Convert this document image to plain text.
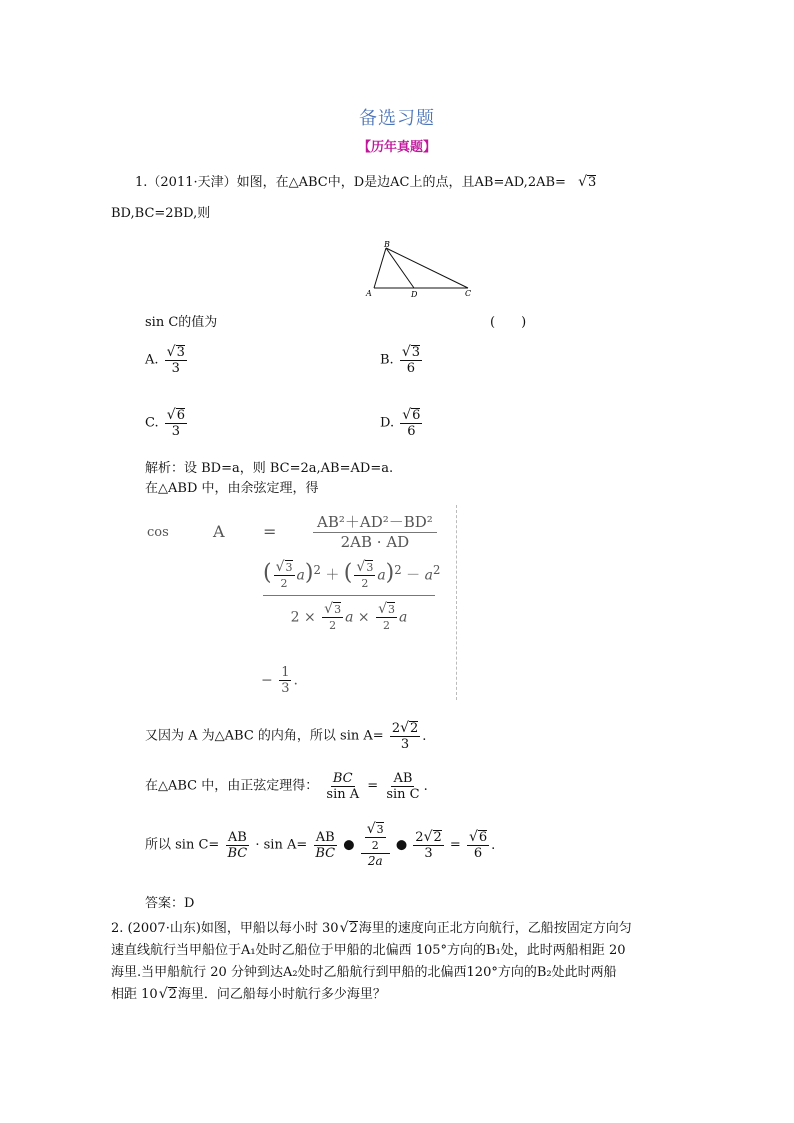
备选习题
【历年真题】
1.（2011·天津）如图，在△ABC中，D是边AC上的点，且AB=AD,2AB= √ 3
BD,BC=2BD,则
B
A	D	C
sin C的值为	(　　)
A. $\frac{√ 3}{3}$	B. $\frac{√ 3}{6}$
C. $\frac{√ 6}{3}$	D. $\frac{√ 6}{6}$
解析：设 BD=a，则 BC=2a,AB=AD=a.
在△ABD 中，由余弦定理，得
cos	$A = \frac{\text{AB²＋AD²－BD²}}{2AB \cdot AD}$
( $\frac{√ 3}{2} a)^2$ ＋ ( $\frac{√ 3}{2} a)^2 - a^2$
$2 \times \frac{√ 3}{2}$ $a \times \frac{√ 3}{2}$ a
− $\frac{1}{3}$ .
又因为 A 为△ABC 的内角，所以 $\sin A= \frac{2 √ 2}{3}$ .
在△ABC 中，由正弦定理得： $\frac{BC}{\text{sin A}} = \frac{AB}{\text{sin C}}$ .
所以 $\sin C= \frac{AB}{BC} \cdot \sin A= \frac{AB}{BC}$ ● $\frac{\frac{√ 3}{2}}{2a}$ ● $\frac{2 √ 2}{3} = \frac{√ 6}{6}$ .
答案：D
2. (2007·山东)如图，甲船以每小时 30 √ 2 海里的速度向正北方向航行，乙船按固定方向匀
速直线航行当甲船位于A₁处时乙船位于甲船的北偏西 105°方向的B₁处，此时两船相距 20
海里.当甲船航行 20 分钟到达A₂处时乙船航行到甲船的北偏西120°方向的B₂处此时两船
相距 10 √ 2 海里．问乙船每小时航行多少海里？
